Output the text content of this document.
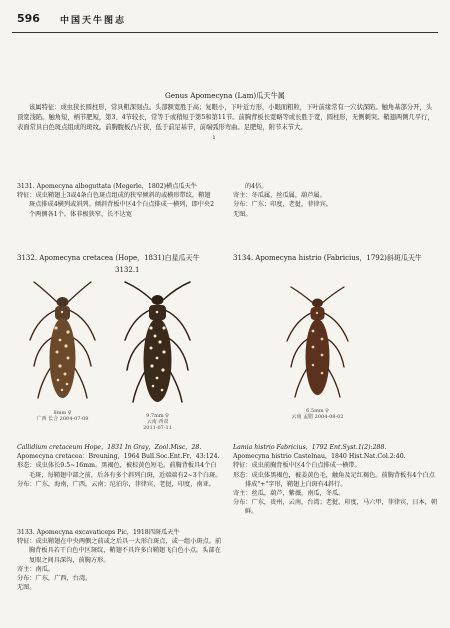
596 中国天牛图志
Genus Apomecyna (Lam)瓜天牛属
该属特征：成虫狭长圆柱形，常具粗深刻点。头部额宽胜于高；复眼小，下叶近方形，小眼面粗粒，下叶前缘常有一穴状深陷。触角基部分开，头顶宽浅陷。触角短，柄节肥短，第3、4节较长，常等于或稍短于第5和第11节。前胸背板长宽略等或长胜于宽，圆柱形，无侧刺突。鞘翅两侧几平行，表面常具白色斑点组成的斑纹。前胸腹板凸片狭，低于前足基节，前端弧形弯曲。足肥短，附节末节大。
ı
3131. Apomecyna alboguttata (Megerle，1802)横点瓜天牛
特征：成虫鞘翅上3或4条白色斑点组成的狭窄倾斜的或横形带纹，鞘翅斑点排成4横列或斜列。倾斜背板中区4个白点排成一横列，即中央2个两侧各1个。体非极狭窄，长不达宽
的4倍。
寄主：冬瓜属，丝瓜属，葫芦属。
分布：广东；印度，老挝，菲律宾。
无图。
3132. Apomecyna cretacea (Hope，1831)白星瓜天牛
3132.1
3134. Apomecyna histrio (Fabricius，1792)斜斑瓜天牛
8mm ♀
广西 长合 2004-07-09	9.7mm ♀
云南 西双
2011-07-11
6.5mm ♀
云南 孟腊 2004-08-02
Callidium cretaceum Hope，1831 In Gray，Zool.Misc，28.
Apomecyna cretacea：Breuning，1964 Bull.Soc.Ent.Fr，43:124.
形态：成虫体长9.5~16mm。黑褐色，被棕黄色短毛。前胸背板具4个白毛斑，每鞘翅中部之前，后各有多个斜列白斑，近端端有2~3个白斑。
分布：广东，海南，广西，云南；尼泊尔，菲律宾，老挝，印度，南亚。
3133. Apomecyna excavaticeps Pic，1918四斑瓜天牛
特征：成虫鞘翅在中央两侧之前或之后具一大形白斑点，或一组小斑点。前胸背板具若干白色中区斑纹，鞘翅不具许多白鞘翅飞白色小点。头部在复眼之间具深沟，前胸方形。
寄主：南瓜。
分布：广东，广西，台湾。
无图。
Lamia histrio Fabricius，1792 Ent.Syst.1(2):288.
Apomecyna histrio Castelnau，1840 Hist.Nat.Col.2:40.
特征：成虫前胸背板中区4个白点排成一横带。
形态：成虫体黑褐色，被姜黄色毛，触角及足红褐色。前胸背板有4个白点排成"+"字形，鞘翅上白斑有4斜行。
寄主：丝瓜，葫芦，紫薇，南瓜，冬瓜。
分布：广东，贵州，云南，台湾；老挝，印度，马六甲，菲律宾，日本，朝鲜。
